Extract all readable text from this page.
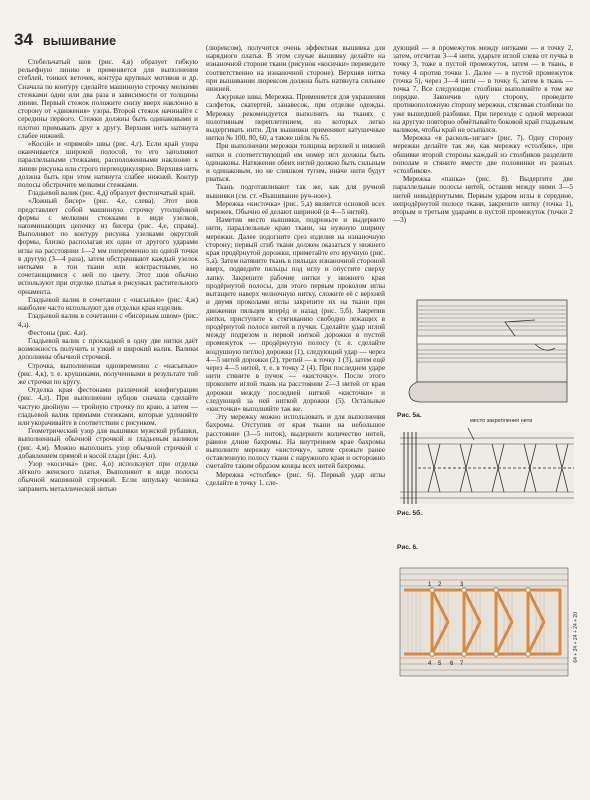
34 вышивание

Стебельчатый шов (рис. 4,в) образует гибкую рельефную линию и применяется для выполнения стеблей, тонких веточек, контура крупных мотивов и др. Сначала по контуру сделайте машинную строчку мелкими стежками один или два раза в зависимости от толщины линии. Первый стежок положите снизу вверх наклонно в сторону от «движения» узора. Второй стежок начинайте с середины первого. Стежки должны быть одинаковыми и плотно примыкать друг к другу. Верхняя нить натянута слабее нижней.

«Косой» и «прямой» швы (рис. 4,г). Если край узора оканчивается широкой полосой, то его заполняют параллельными стежками, расположенными наклонно к линии рисунка или строго перпендикулярно. Верхняя нить должна быть при этом натянута слабее нижней. Контур полосы обстрочите мелкими стежками.

Гладьевой валик (рис. 4,д) образует фестончатый край.

«Ложный бисер» (рис. 4,е, слева). Этот шов представляет собой машинную строчку утолщённой формы с мелкими стежками в виде узелков, напоминающих цепочку из бисера (рис. 4,е, справа). Выполняют по контуру рисунка узелками округлой формы, близко располагая их один от другого ударами иглы на расстоянии 1—2 мм попеременно из одной точки в другую (3—4 раза), затем обстрачивают каждый узелок нитками в тон ткани или контрастными, но сочетающимися с ней по цвету. Этот шов обычно используют при отделке платья в рисунках растительного орнамента.

Гладьевой валик в сочетании с «насыпью» (рис. 4,ж) наиболее часто используют для отделки края изделия.

Гладьевой валик в сочетании с «бисерным швом» (рис. 4,з).

Фестоны (рис. 4,и).

Гладьевой валик с прокладкой в одну две нитки даёт возможность получить и узкий и широкий валик. Валики дополнены обычной строчкой.

Строчка, выполненная одновременно с «насыпью» (рис. 4,к), т. е. крушиками, полученными в результате той же строчки по кругу.

Отделка края фестонами различной конфигурации (рис. 4,л). При выполнении зубцов сначала сделайте частую двойную — тройную строчку по краю, а затем — гладьевой валик прямыми стежками, которые удлиняйте или укорачивайте в соответствии с рисунком.

Геометрический узор для вышивки мужской рубашки, выполненный обычной строчкой и гладьевым валиком (рис. 4,м). Можно выполнить узор обычной строчкой с добавлением прямой и косой глади (рис. 4,н).

Узор «косичка» (рис. 4,о) используют при отделке лёгкого женского платья. Выполняют в виде полосы обычной машинной строчкой. Если шпульку челнока заправить металлической нитью

(люрексом), получится очень эффектная вышивка для нарядного платья. В этом случае вышивку делайте на изнаночной стороне ткани (рисунок «косички» переведите соответственно на изнаночной стороне). Верхняя нитка при вышивании люрексом должна быть натянута сильнее нижней.

Ажурные швы. Мережка. Применяется для украшения салфеток, скатертей, занавесок, при отделке одежды. Мережку рекомендуется выполнять на тканях с полотняным переплетением, из которых легко выдергивать нити. Для вышивки применяют катушечные нитки № 100, 80, 60, а также шёлк № 65.

При выполнении мережки толщина верхней и нижней нитки и соответствующий им номер игл должны быть одинаковы. Натяжение обеих нитей должно быть сильным и одинаковым, но не слишком тугим, иначе нити будут рваться.

Ткань подготавливают так же, как для ручной вышивки (см. ст. «Вышивание руч-ное»).

Мережка «кисточка» (рис. 5,а) является основой всех мережек. Обычно её делают шириной (в 4—5 нитей).

Наметив место вышивки, подрежьте и выдерните нити, параллельные краю ткани, на нужную ширину мережки. Далее подогните срез изделия на изнаночную сторону; первый сгиб ткани должен оказаться у нижнего края продёрнутой дорожки, приметайте его вручную (рис. 5,а). Затем натяните ткань в пяльцах изнаночной стороной вверх, подведите пяльцы под иглу и опустите сверху лапку. Закрепите рабочие нитки у нижнего края продёрнутой полосы, для этого первым проколом иглы вытащите наверх челночную нитку, сложите её с верхней и двумя проколами иглы закрепите их на ткани при движении пяльцев вперёд и назад (рис. 5,б). Закрепив нитки, приступите к стягиванию свободно лежащих в продёрнутой полосе нитей в пучки. Сделайте удар иглой между подрезом и первой ниткой дорожки в пустой промежуток — продёрнутую полосу (т. е. сделайте воздушную петлю) дорожки (1), следующий удар — через 4—5 нитей дорожки (2), третий — в точку 1 (3), затем ещё через 4—5 нитей, т. е. в точку 2 (4). При последнем ударе нити стяните в пучок — «кисточку». После этого проколите иглой ткань на расстоянии 2—3 нитей от края дорожки между последней ниткой «кисточки» и следующей за ней ниткой дорожки (5). Остальные «кисточки» выполняйте так же.

Эту мережку можно использовать и для выполнения бахромы. Отступив от края ткани на небольшое расстояние (3—5 ниток), выдерните количество нитей, равное длине бахромы. На внутреннем крае бахромы выполните мережку «кисточку», затем срежьте ранее оставленную полосу ткани с наружного края и осторожно сметайте таким образом концы всех нитей бахромы.

Мережка «столбик» (рис. 6). Первый удар иглы сделайте в точку 1, сле-

дующий — в промежуток между нитками — в точку 2, затем, отсчитав 3—4 нити, ударьте иглой слева от пучка в точку 3, тоже в пустой промежуток, затем — в ткань, в точку 4 против точки 1. Далее — в пустой промежуток (точка 5), через 3—4 нити — в точку 6, затем в ткань — точка 7. Все следующие столбики выполняйте в том же порядке. Закончив одну сторону, проведите противоположную сторону мережки, стягивая столбики по уже вышедшей разбивке. При переходе с одной мережки на другую повторно обмётывайте боковой край гладьевым валиком, чтобы край не осыпался.

Мережка «в расколь-зигзаг» (рис. 7). Одну сторону мережки делайте так же, как мережку «столбик», при обшивке второй стороны каждый из столбиков разделите пополам и стяните вместе две половинки из разных «столбиков».

Мережка «панка» (рис. 8). Выдергите две параллельные полосы нитей, оставив между ними 3—5 нитей невыдернутыми. Первым ударом иглы в середине, непродёрнутой полосе ткани, закрепите нитку (точка 1), вторым и третьим ударами в пустой промежуток (точки 2—3)

Рис. 5а.
место закрепления нити
Рис. 5б.
Рис. 6.
1 2	3
4 5 6 7
64 + 24 + 24 + 24 + 20
